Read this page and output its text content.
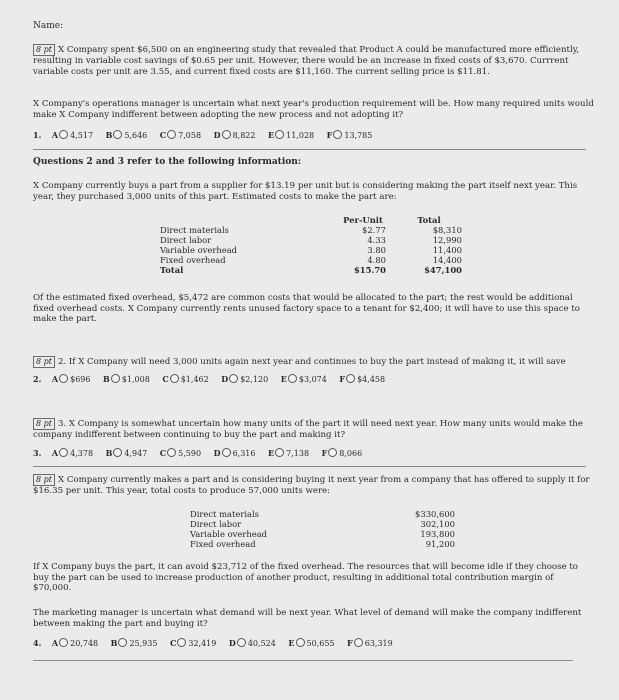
Name:
8 pt X Company spent $6,500 on an engineering study that revealed that Product A could be manufactured more efficiently, resulting in variable cost savings of $0.65 per unit. However, there would be an increase in fixed costs of $3,670. Currrent variable costs per unit are 3.55, and current fixed costs are $11,160. The current selling price is $11.81.
X Company's operations manager is uncertain what next year's production requirement will be. How many required units would make X Company indifferent between adopting the new process and not adopting it?
1. A 4,517 B 5,646 C 7,058 D 8,822 E 11,028 F 13,785
Questions 2 and 3 refer to the following information:
X Company currently buys a part from a supplier for $13.19 per unit but is considering making the part itself next year. This year, they purchased 3,000 units of this part. Estimated costs to make the part are:
	Per-Unit	Total
Direct materials	$2.77	$8,310
Direct labor	4.33	12,990
Variable overhead	3.80	11,400
Fixed overhead	4.80	14,400
Total	$15.70	$47,100
Of the estimated fixed overhead, $5,472 are common costs that would be allocated to the part; the rest would be additional fixed overhead costs. X Company currently rents unused factory space to a tenant for $2,400; it will have to use this space to make the part.
8 pt 2. If X Company will need 3,000 units again next year and continues to buy the part instead of making it, it will save
2. A $696 B $1,008 C $1,462 D $2,120 E $3,074 F $4,458
8 pt 3. X Company is somewhat uncertain how many units of the part it will need next year. How many units would make the company indifferent between continuing to buy the part and making it?
3. A 4,378 B 4,947 C 5,590 D 6,316 E 7,138 F 8,066
8 pt X Company currently makes a part and is considering buying it next year from a company that has offered to supply it for $16.35 per unit. This year, total costs to produce 57,000 units were:
Direct materials	$330,600
Direct labor	302,100
Variable overhead	193,800
Fixed overhead	91,200
If X Company buys the part, it can avoid $23,712 of the fixed overhead. The resources that will become idle if they choose to buy the part can be used to increase production of another product, resulting in additional total contribution margin of $70,000.
The marketing manager is uncertain what demand will be next year. What level of demand will make the company indifferent between making the part and buying it?
4. A 20,748 B 25,935 C 32,419 D 40,524 E 50,655 F 63,319
